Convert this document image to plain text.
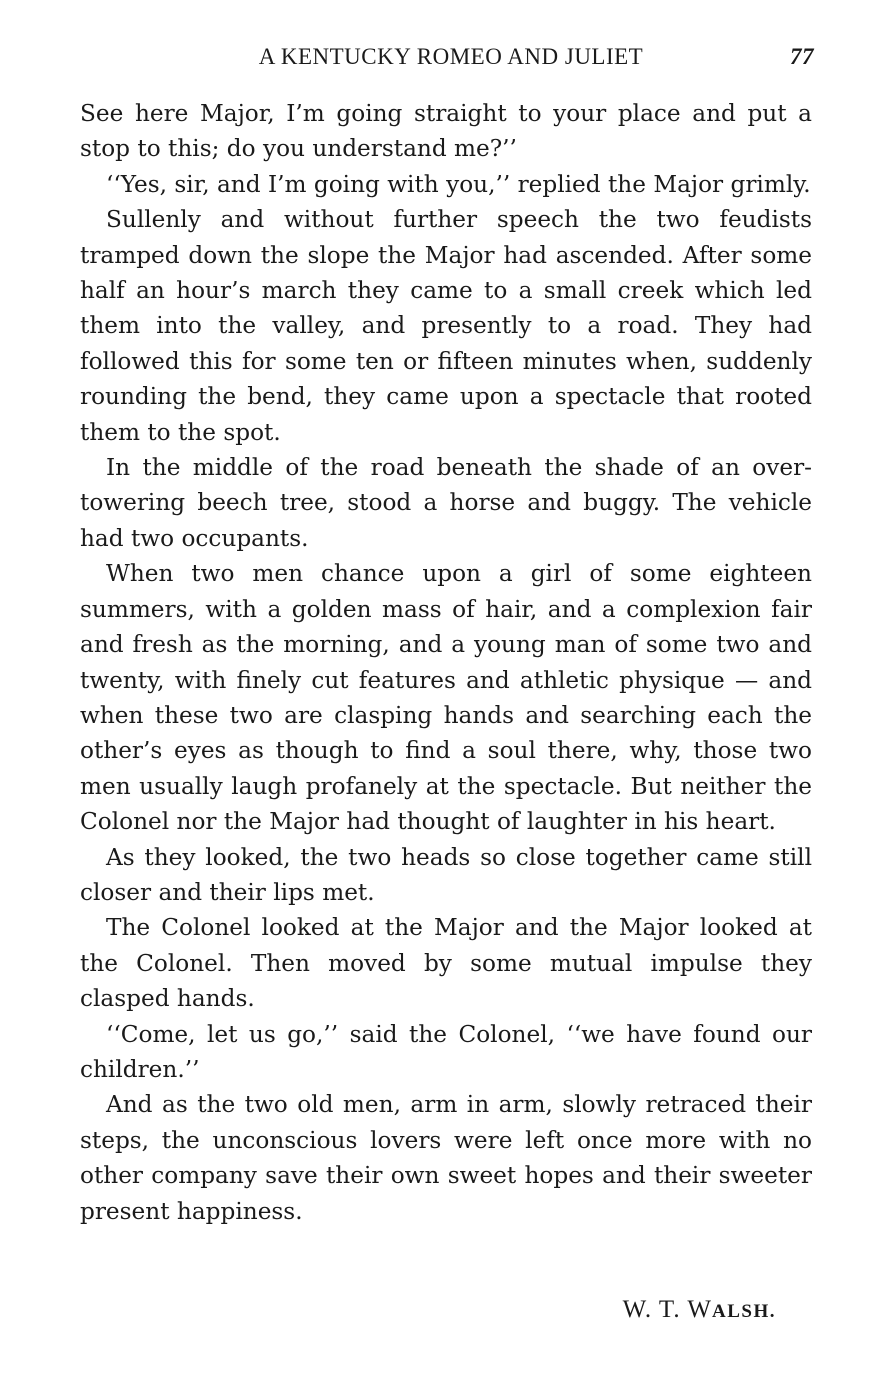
A KENTUCKY ROMEO AND JULIET	77

See here Major, I’m going straight to your place and put a stop to this; do you understand me?’’

‘‘Yes, sir, and I’m going with you,’’ replied the Major grimly.

Sullenly and without further speech the two feudists tramped down the slope the Major had ascended. After some half an hour’s march they came to a small creek which led them into the valley, and presently to a road. They had followed this for some ten or fifteen minutes when, suddenly rounding the bend, they came upon a spectacle that rooted them to the spot.

In the middle of the road beneath the shade of an over-towering beech tree, stood a horse and buggy. The vehicle had two occupants.

When two men chance upon a girl of some eighteen summers, with a golden mass of hair, and a complexion fair and fresh as the morning, and a young man of some two and twenty, with finely cut features and athletic physique — and when these two are clasping hands and searching each the other’s eyes as though to find a soul there, why, those two men usually laugh profanely at the spectacle. But neither the Colonel nor the Major had thought of laughter in his heart.

As they looked, the two heads so close together came still closer and their lips met.

The Colonel looked at the Major and the Major looked at the Colonel. Then moved by some mutual impulse they clasped hands.

‘‘Come, let us go,’’ said the Colonel, ‘‘we have found our children.’’

And as the two old men, arm in arm, slowly retraced their steps, the unconscious lovers were left once more with no other company save their own sweet hopes and their sweeter present happiness.

W. T. WALSH.
